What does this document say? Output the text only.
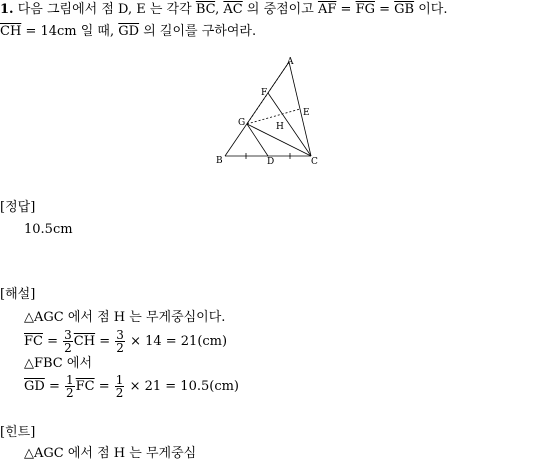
1. 다음 그림에서 점 D, E 는 각각 $\overline{BC}$, $\overline{AC}$ 의 중점이고 $\overline{AF} = \overline{FG} = \overline{GB}$ 이다.
$\overline{CH} = 14cm$ 일 때, $\overline{GD}$ 의 길이를 구하여라.
A
F
G
E
H
B	D	C
[정답]
10.5cm
[해설]
△AGC 에서 점 H 는 무게중심이다.
$\overline{FC} = \frac{3}{2} \overline{CH} = \frac{3}{2} \times 14 = 21(cm)$
△FBC 에서
$\overline{GD} = \frac{1}{2} \overline{FC} = \frac{1}{2} \times 21 = 10.5(cm)$
[힌트]
△AGC 에서 점 H 는 무게중심
